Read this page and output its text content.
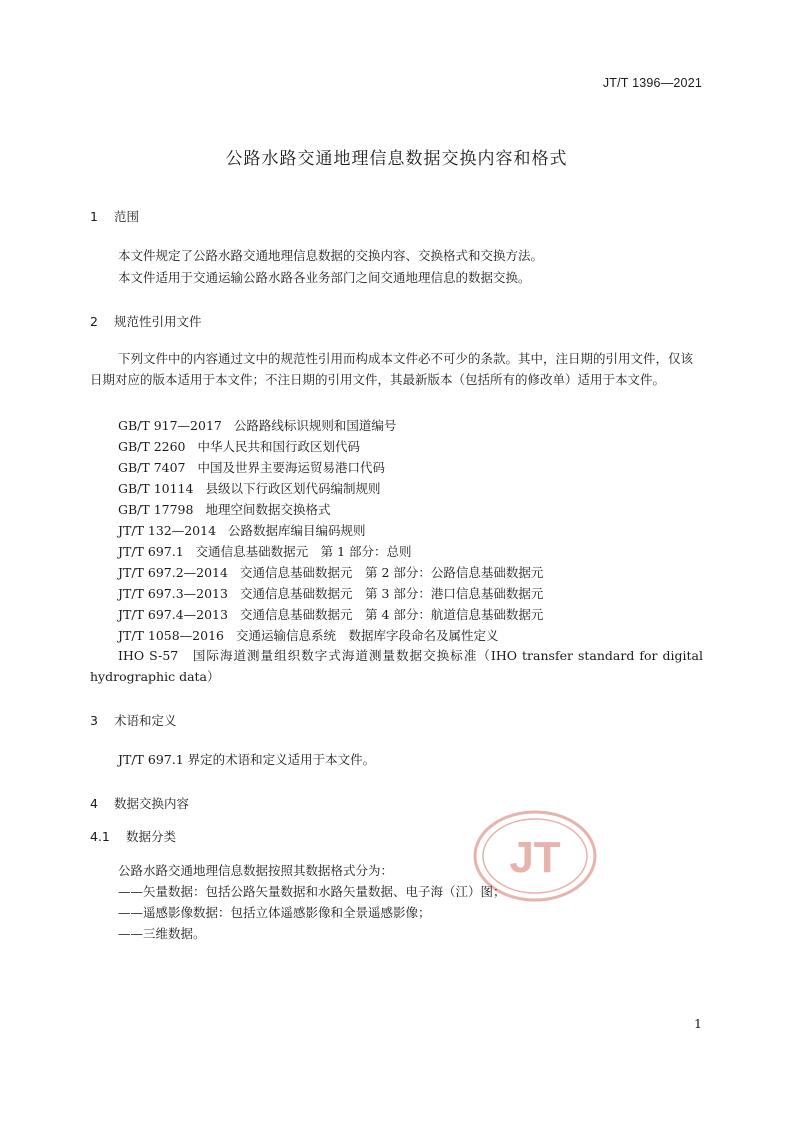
JT/T 1396—2021
公路水路交通地理信息数据交换内容和格式
1 范围
本文件规定了公路水路交通地理信息数据的交换内容、交换格式和交换方法。
本文件适用于交通运输公路水路各业务部门之间交通地理信息的数据交换。
2 规范性引用文件
下列文件中的内容通过文中的规范性引用而构成本文件必不可少的条款。其中，注日期的引用文件，仅该日期对应的版本适用于本文件；不注日期的引用文件，其最新版本（包括所有的修改单）适用于本文件。
GB/T 917—2017 公路路线标识规则和国道编号
GB/T 2260 中华人民共和国行政区划代码
GB/T 7407 中国及世界主要海运贸易港口代码
GB/T 10114 县级以下行政区划代码编制规则
GB/T 17798 地理空间数据交换格式
JT/T 132—2014 公路数据库编目编码规则
JT/T 697.1 交通信息基础数据元　第 1 部分：总则
JT/T 697.2—2014 交通信息基础数据元　第 2 部分：公路信息基础数据元
JT/T 697.3—2013 交通信息基础数据元　第 3 部分：港口信息基础数据元
JT/T 697.4—2013 交通信息基础数据元　第 4 部分：航道信息基础数据元
JT/T 1058—2016 交通运输信息系统　数据库字段命名及属性定义
IHO S-57　国际海道测量组织数字式海道测量数据交换标准（IHO transfer standard for digital hydrographic data）
3 术语和定义
JT/T 697.1 界定的术语和定义适用于本文件。
4 数据交换内容
4.1 数据分类
公路水路交通地理信息数据按照其数据格式分为：
——矢量数据：包括公路矢量数据和水路矢量数据、电子海（江）图；
——遥感影像数据：包括立体遥感影像和全景遥感影像；
——三维数据。
JT
1
